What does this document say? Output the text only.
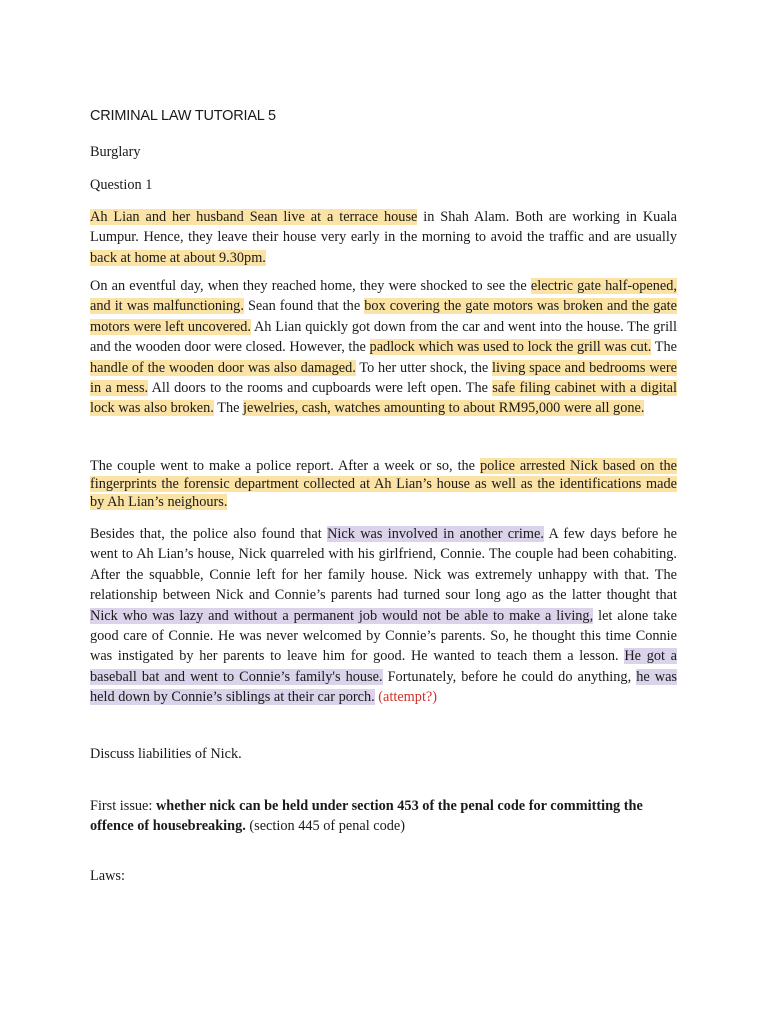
CRIMINAL LAW TUTORIAL 5

Burglary

Question 1

Ah Lian and her husband Sean live at a terrace house in Shah Alam. Both are working in Kuala Lumpur. Hence, they leave their house very early in the morning to avoid the traffic and are usually back at home at about 9.30pm.

On an eventful day, when they reached home, they were shocked to see the electric gate half-opened, and it was malfunctioning. Sean found that the box covering the gate motors was broken and the gate motors were left uncovered. Ah Lian quickly got down from the car and went into the house. The grill and the wooden door were closed. However, the padlock which was used to lock the grill was cut. The handle of the wooden door was also damaged. To her utter shock, the living space and bedrooms were in a mess. All doors to the rooms and cupboards were left open. The safe filing cabinet with a digital lock was also broken. The jewelries, cash, watches amounting to about RM95,000 were all gone.

The couple went to make a police report. After a week or so, the police arrested Nick based on the fingerprints the forensic department collected at Ah Lian’s house as well as the identifications made by Ah Lian’s neighours.

Besides that, the police also found that Nick was involved in another crime. A few days before he went to Ah Lian’s house, Nick quarreled with his girlfriend, Connie. The couple had been cohabiting. After the squabble, Connie left for her family house. Nick was extremely unhappy with that. The relationship between Nick and Connie’s parents had turned sour long ago as the latter thought that Nick who was lazy and without a permanent job would not be able to make a living, let alone take good care of Connie. He was never welcomed by Connie’s parents. So, he thought this time Connie was instigated by her parents to leave him for good. He wanted to teach them a lesson. He got a baseball bat and went to Connie’s family's house. Fortunately, before he could do anything, he was held down by Connie’s siblings at their car porch. (attempt?)

Discuss liabilities of Nick.

First issue: whether nick can be held under section 453 of the penal code for committing the offence of housebreaking. (section 445 of penal code)

Laws:
